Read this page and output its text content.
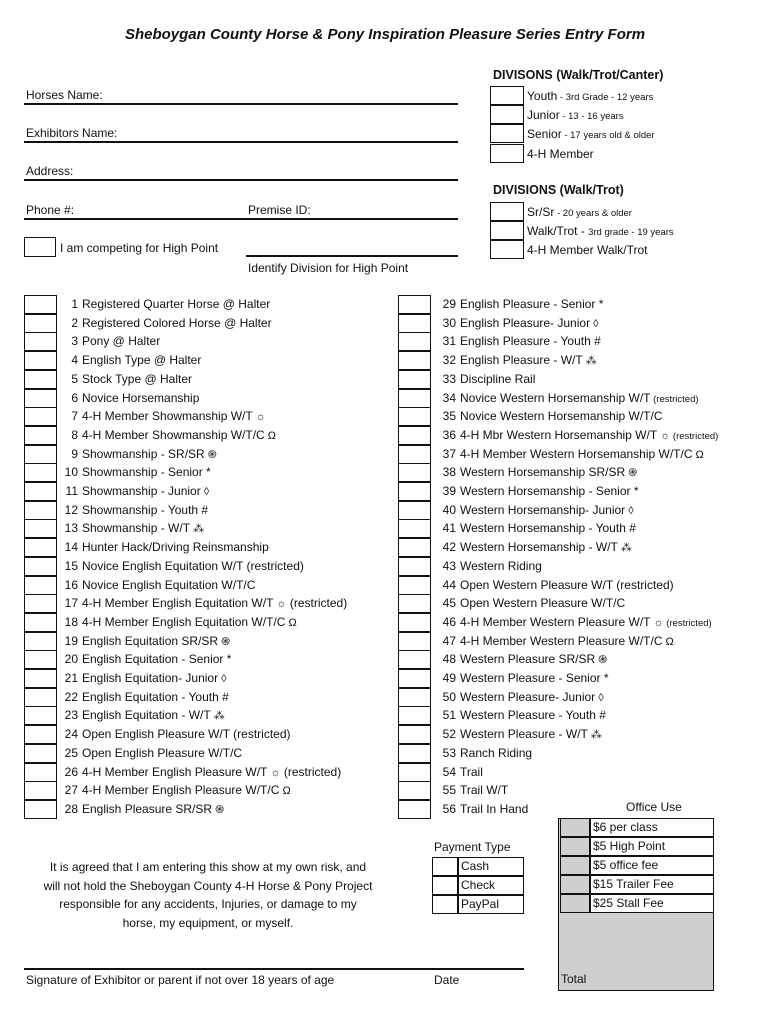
Sheboygan County Horse & Pony Inspiration Pleasure Series Entry Form
Horses Name:
Exhibitors Name:
Address:
Phone #:	Premise ID:
I am competing for High Point
Identify Division for High Point
DIVISONS (Walk/Trot/Canter)
Youth - 3rd Grade - 12 years
Junior - 13 - 16 years
Senior - 17 years old & older
4-H Member
DIVISIONS (Walk/Trot)
Sr/Sr - 20 years & older
Walk/Trot - 3rd grade - 19 years
4-H Member Walk/Trot
1 Registered Quarter Horse @ Halter
2 Registered Colored Horse @ Halter
3 Pony @ Halter
4 English Type @ Halter
5 Stock Type @ Halter
6 Novice Horsemanship
7 4-H Member Showmanship W/T ☼
8 4-H Member Showmanship W/T/C Ω
9 Showmanship - SR/SR ֍
10 Showmanship - Senior *
11 Showmanship - Junior ◊
12 Showmanship - Youth #
13 Showmanship - W/T ⁂
14 Hunter Hack/Driving Reinsmanship
15 Novice English Equitation W/T (restricted)
16 Novice English Equitation W/T/C
17 4-H Member English Equitation W/T ☼ (restricted)
18 4-H Member English Equitation W/T/C Ω
19 English Equitation SR/SR ֍
20 English Equitation - Senior *
21 English Equitation- Junior ◊
22 English Equitation - Youth #
23 English Equitation - W/T ⁂
24 Open English Pleasure W/T (restricted)
25 Open English Pleasure W/T/C
26 4-H Member English Pleasure W/T ☼ (restricted)
27 4-H Member English Pleasure W/T/C Ω
28 English Pleasure SR/SR ֍
29 English Pleasure - Senior *
30 English Pleasure- Junior ◊
31 English Pleasure - Youth #
32 English Pleasure - W/T ⁂
33 Discipline Rail
34 Novice Western Horsemanship W/T (restricted)
35 Novice Western Horsemanship W/T/C
36 4-H Mbr Western Horsemanship W/T ☼ (restricted)
37 4-H Member Western Horsemanship W/T/C Ω
38 Western Horsemanship SR/SR ֍
39 Western Horsemanship - Senior *
40 Western Horsemanship- Junior ◊
41 Western Horsemanship - Youth #
42 Western Horsemanship - W/T ⁂
43 Western Riding
44 Open Western Pleasure W/T (restricted)
45 Open Western Pleasure W/T/C
46 4-H Member Western Pleasure W/T ☼ (restricted)
47 4-H Member Western Pleasure W/T/C Ω
48 Western Pleasure SR/SR ֍
49 Western Pleasure - Senior *
50 Western Pleasure- Junior ◊
51 Western Pleasure - Youth #
52 Western Pleasure - W/T ⁂
53 Ranch Riding
54 Trail
55 Trail W/T
56 Trail In Hand	Office Use
$6 per class
$5 High Point
$5 office fee
$15 Trailer Fee
$25 Stall Fee
Total
Payment Type
Cash
Check
PayPal
It is agreed that I am entering this show at my own risk, and
will not hold the Sheboygan County 4-H Horse & Pony Project
responsible for any accidents, Injuries, or damage to my
horse, my equipment, or myself.
Signature of Exhibitor or parent if not over 18 years of age	Date
